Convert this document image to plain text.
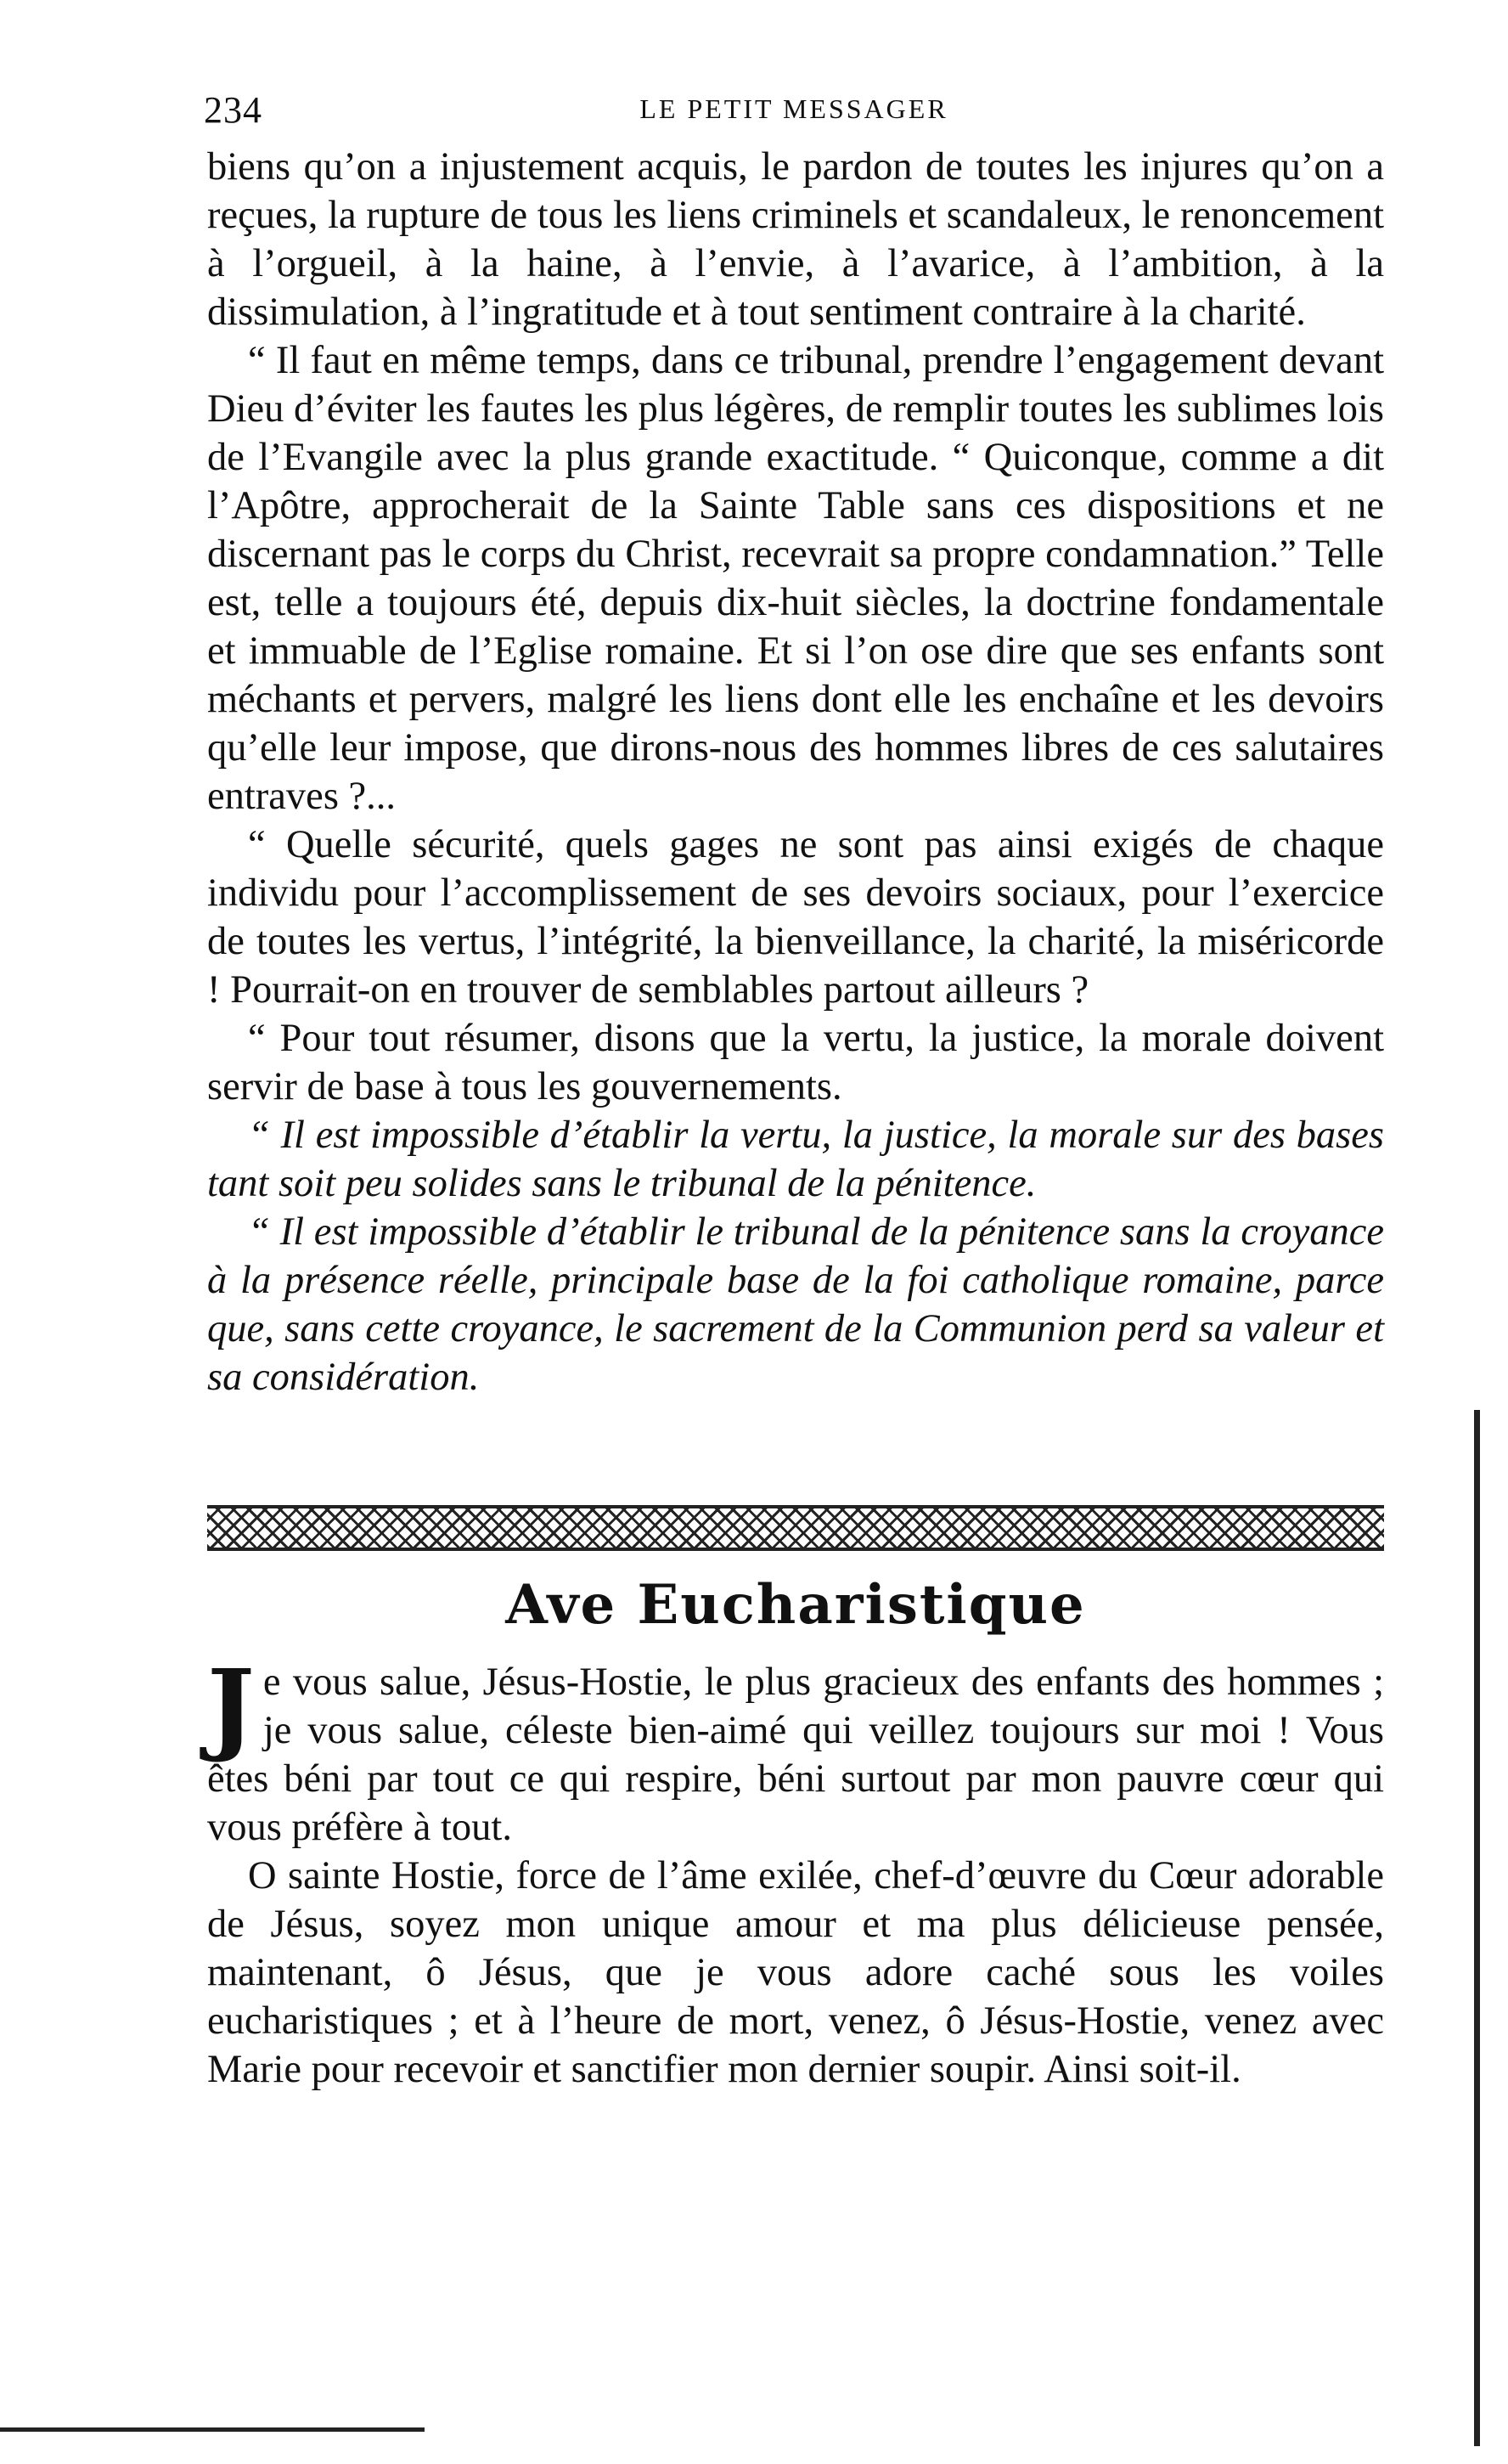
234	LE PETIT MESSAGER

biens qu’on a injustement acquis, le pardon de toutes les injures qu’on a reçues, la rupture de tous les liens criminels et scandaleux, le renoncement à l’orgueil, à la haine, à l’envie, à l’avarice, à l’ambition, à la dissimulation, à l’ingratitude et à tout sentiment contraire à la charité.

“ Il faut en même temps, dans ce tribunal, prendre l’engagement devant Dieu d’éviter les fautes les plus légères, de remplir toutes les sublimes lois de l’Evangile avec la plus grande exactitude. “ Quiconque, comme a dit l’Apôtre, approcherait de la Sainte Table sans ces dispositions et ne discernant pas le corps du Christ, recevrait sa propre condamnation.” Telle est, telle a toujours été, depuis dix-huit siècles, la doctrine fondamentale et immuable de l’Eglise romaine. Et si l’on ose dire que ses enfants sont méchants et pervers, malgré les liens dont elle les enchaîne et les devoirs qu’elle leur impose, que dirons-nous des hommes libres de ces salutaires entraves ?...

“ Quelle sécurité, quels gages ne sont pas ainsi exigés de chaque individu pour l’accomplissement de ses devoirs sociaux, pour l’exercice de toutes les vertus, l’intégrité, la bienveillance, la charité, la miséricorde ! Pourrait-on en trouver de semblables partout ailleurs ?

“ Pour tout résumer, disons que la vertu, la justice, la morale doivent servir de base à tous les gouvernements.

“ Il est impossible d’établir la vertu, la justice, la morale sur des bases tant soit peu solides sans le tribunal de la pénitence.

“ Il est impossible d’établir le tribunal de la pénitence sans la croyance à la présence réelle, principale base de la foi catholique romaine, parce que, sans cette croyance, le sacrement de la Communion perd sa valeur et sa considération.

Ave Eucharistique

Je vous salue, Jésus-Hostie, le plus gracieux des enfants des hommes ; je vous salue, céleste bien-aimé qui veillez toujours sur moi ! Vous êtes béni par tout ce qui respire, béni surtout par mon pauvre cœur qui vous préfère à tout.

O sainte Hostie, force de l’âme exilée, chef-d’œuvre du Cœur adorable de Jésus, soyez mon unique amour et ma plus délicieuse pensée, maintenant, ô Jésus, que je vous adore caché sous les voiles eucharistiques ; et à l’heure de mort, venez, ô Jésus-Hostie, venez avec Marie pour recevoir et sanctifier mon dernier soupir. Ainsi soit-il.
